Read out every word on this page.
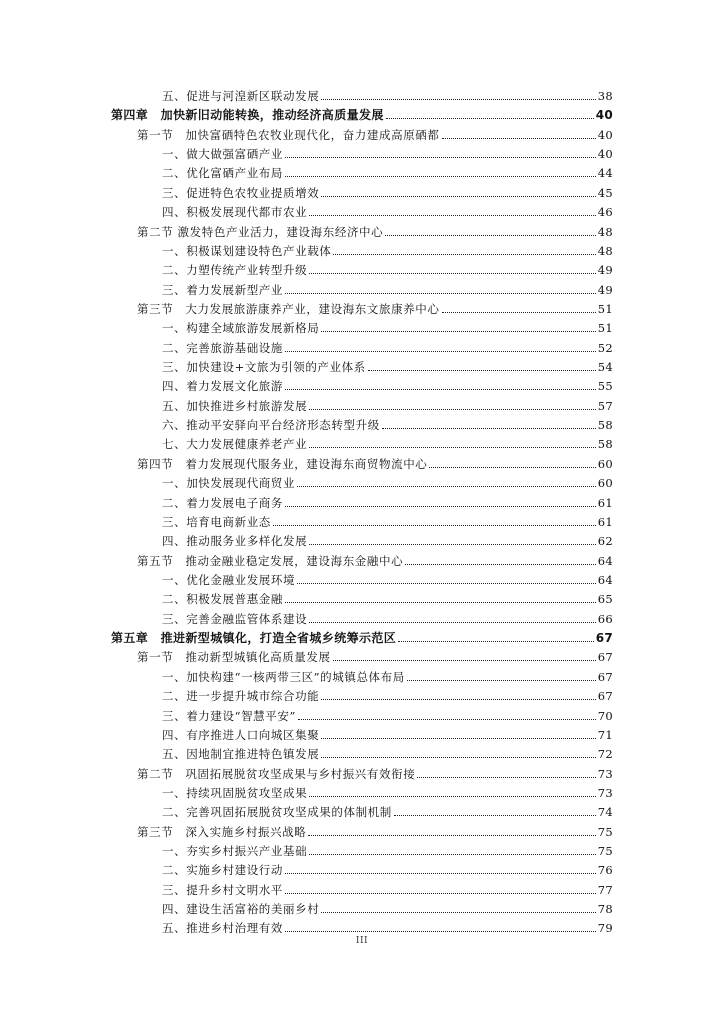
五、促进与河湟新区联动发展	38
第四章　加快新旧动能转换，推动经济高质量发展	40
第一节　加快富硒特色农牧业现代化，奋力建成高原硒都	40
一、做大做强富硒产业	40
二、优化富硒产业布局	44
三、促进特色农牧业提质增效	45
四、积极发展现代都市农业	46
第二节 激发特色产业活力，建设海东经济中心	48
一、积极谋划建设特色产业载体	48
二、力塑传统产业转型升级	49
三、着力发展新型产业	49
第三节　大力发展旅游康养产业，建设海东文旅康养中心	51
一、构建全域旅游发展新格局	51
二、完善旅游基础设施	52
三、加快建设+文旅为引领的产业体系	54
四、着力发展文化旅游	55
五、加快推进乡村旅游发展	57
六、推动平安驿向平台经济形态转型升级	58
七、大力发展健康养老产业	58
第四节　着力发展现代服务业，建设海东商贸物流中心	60
一、加快发展现代商贸业	60
二、着力发展电子商务	61
三、培育电商新业态	61
四、推动服务业多样化发展	62
第五节　推动金融业稳定发展，建设海东金融中心	64
一、优化金融业发展环境	64
二、积极发展普惠金融	65
三、完善金融监管体系建设	66
第五章　推进新型城镇化，打造全省城乡统筹示范区	67
第一节　推动新型城镇化高质量发展	67
一、加快构建“一核两带三区”的城镇总体布局	67
二、进一步提升城市综合功能	67
三、着力建设“智慧平安”	70
四、有序推进人口向城区集聚	71
五、因地制宜推进特色镇发展	72
第二节　巩固拓展脱贫攻坚成果与乡村振兴有效衔接	73
一、持续巩固脱贫攻坚成果	73
二、完善巩固拓展脱贫攻坚成果的体制机制	74
第三节　深入实施乡村振兴战略	75
一、夯实乡村振兴产业基础	75
二、实施乡村建设行动	76
三、提升乡村文明水平	77
四、建设生活富裕的美丽乡村	78
五、推进乡村治理有效	79
III
